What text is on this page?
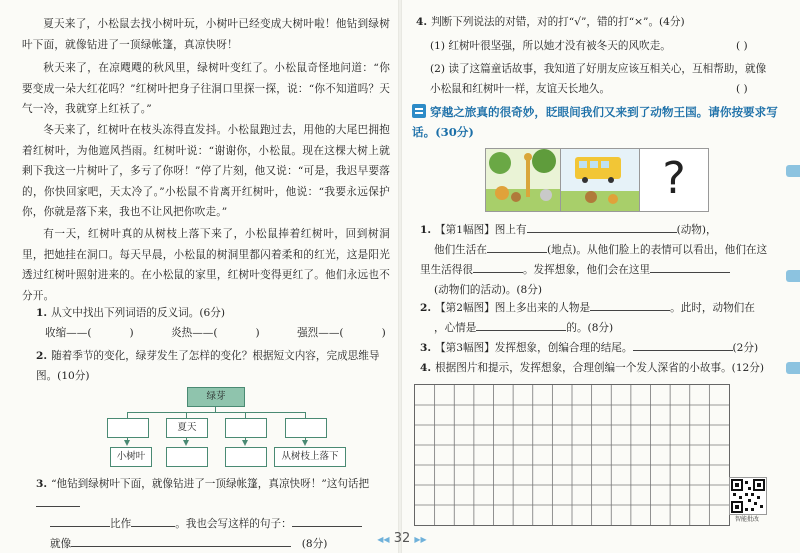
夏天来了，小松鼠去找小树叶玩，小树叶已经变成大树叶啦！他钻到绿树叶下面，就像钻进了一顶绿帐篷，真凉快呀！

秋天来了，在凉飕飕的秋风里，绿树叶变红了。小松鼠奇怪地问道：“你要变成一朵大红花吗？”红树叶把身子往洞口里探一探，说：“你不知道吗？天气一冷，我就穿上红袄了。”

冬天来了，红树叶在枝头冻得直发抖。小松鼠跑过去，用他的大尾巴拥抱着红树叶，为他遮风挡雨。红树叶说：“谢谢你，小松鼠。现在这棵大树上就剩下我这一片树叶了，多亏了你呀！”停了片刻，他又说：“可是，我迟早要落的，你快回家吧，天太冷了。”小松鼠不肯离开红树叶，他说：“我要永远保护你，你就是落下来，我也不让风把你吹走。”

有一天，红树叶真的从树枝上落下来了，小松鼠捧着红树叶，回到树洞里，把她挂在洞口。每天早晨，小松鼠的树洞里都闪着柔和的红光，这是阳光透过红树叶照射进来的。在小松鼠的家里，红树叶变得更红了。他们永远也不分开。

1. 从文中找出下列词语的反义词。(6分)

收缩——(	)	炎热——(	)	强烈——(	)

2. 随着季节的变化，绿芽发生了怎样的变化？根据短文内容，完成思维导图。(10分)

绿芽
夏天
小树叶	从树枝上落下

3. “他钻到绿树叶下面，就像钻进了一顶绿帐篷，真凉快呀！”这句话把
比作	。我也会写这样的句子：
就像　	(8分)

4. 判断下列说法的对错，对的打“√”，错的打“×”。(4分)

(1) 红树叶很坚强，所以她才没有被冬天的风吹走。	( )

(2) 读了这篇童话故事，我知道了好朋友应该互相关心，互相帮助，就像小松鼠和红树叶一样，友谊天长地久。	( )
穿越之旅真的很奇妙，眨眼间我们又来到了动物王国。请你按要求写话。(30分)
?

1. 【第1幅图】图上有	(动物)，
他们生活在	(地点)。从他们脸上的表情可以看出，他们在这里生活得很	。发挥想象，他们会在这里
(动物们的活动)。(8分)

2. 【第2幅图】图上多出来的人物是	。此时，动物们在
，心情是	的。(8分)

3. 【第3幅图】发挥想象，创编合理的结尾。	(2分)

4. 根据图片和提示，发挥想象，合理创编一个发人深省的小故事。(12分)

智能批改
◀◀ 32 ▶▶
